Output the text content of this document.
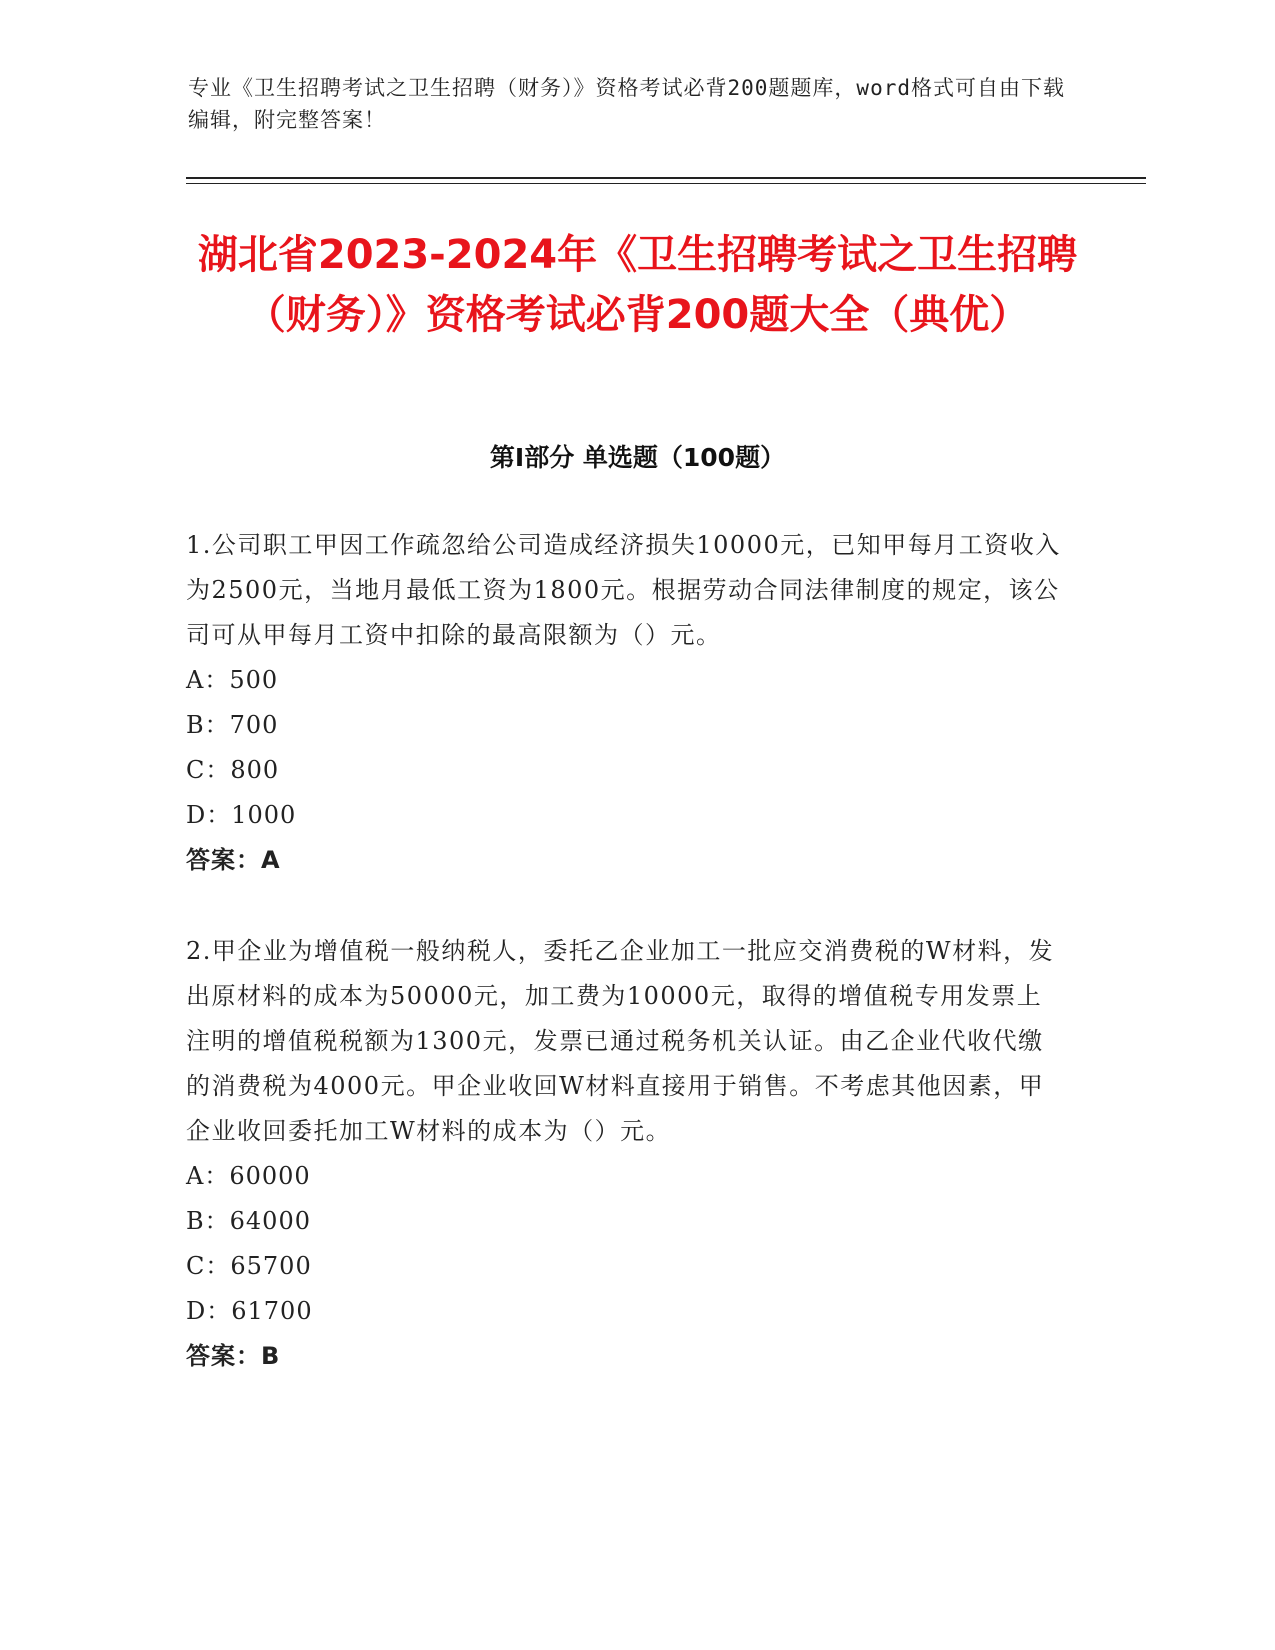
专业《卫生招聘考试之卫生招聘（财务）》资格考试必背200题题库，word格式可自由下载编辑，附完整答案！
湖北省2023-2024年《卫生招聘考试之卫生招聘（财务）》资格考试必背200题大全（典优）
第Ⅰ部分 单选题（100题）

1.公司职工甲因工作疏忽给公司造成经济损失10000元，已知甲每月工资收入为2500元，当地月最低工资为1800元。根据劳动合同法律制度的规定，该公司可从甲每月工资中扣除的最高限额为（）元。

A：500

B：700

C：800

D：1000

答案：A

2.甲企业为增值税一般纳税人，委托乙企业加工一批应交消费税的W材料，发出原材料的成本为50000元，加工费为10000元，取得的增值税专用发票上注明的增值税税额为1300元，发票已通过税务机关认证。由乙企业代收代缴的消费税为4000元。甲企业收回W材料直接用于销售。不考虑其他因素，甲企业收回委托加工W材料的成本为（）元。

A：60000

B：64000

C：65700

D：61700

答案：B
